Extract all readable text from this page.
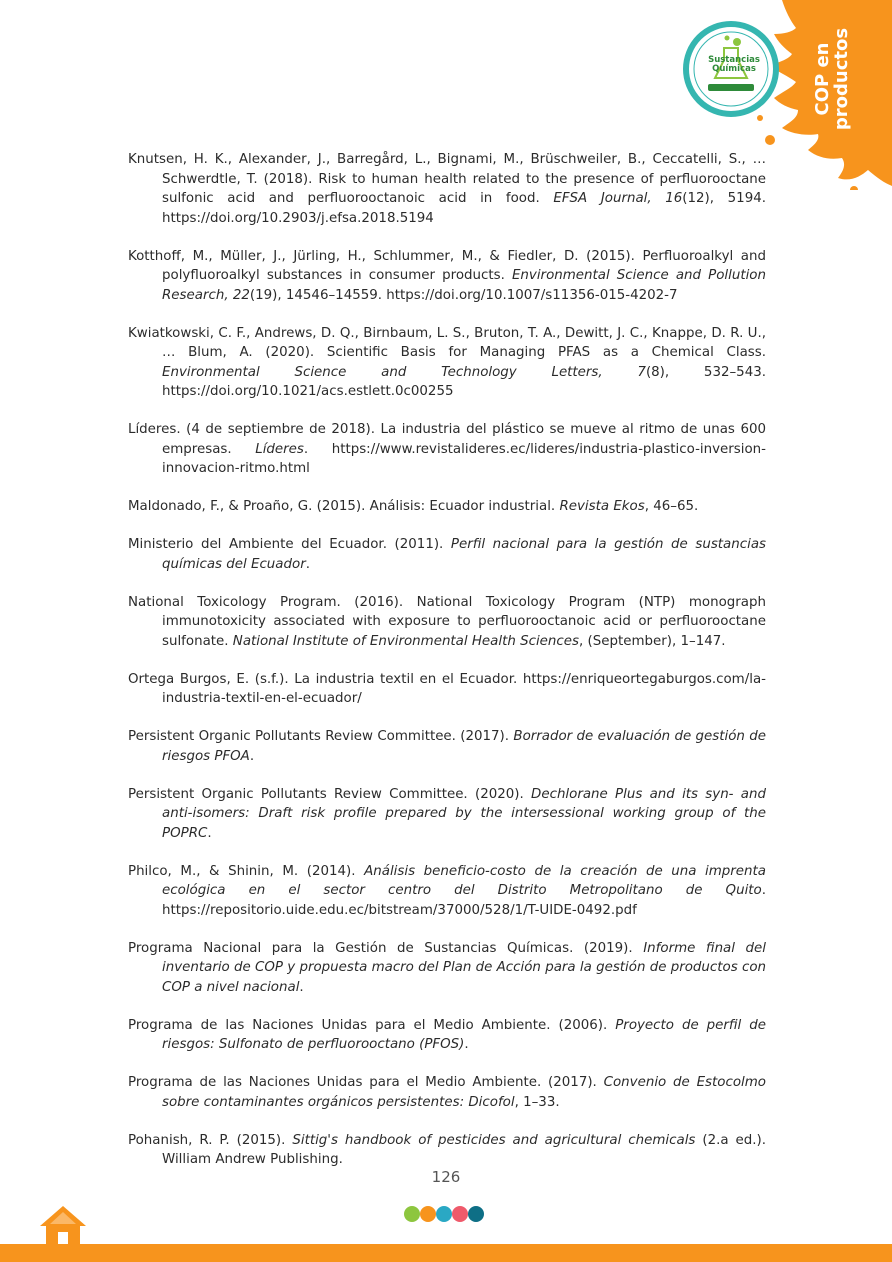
Sustancias
Químicas	COP en
productos

Knutsen, H. K., Alexander, J., Barregård, L., Bignami, M., Brüschweiler, B., Ceccatelli, S., … Schwerdtle, T. (2018). Risk to human health related to the presence of perfluorooctane sulfonic acid and perfluorooctanoic acid in food. EFSA Journal, 16(12), 5194. https://doi.org/10.2903/j.efsa.2018.5194

Kotthoff, M., Müller, J., Jürling, H., Schlummer, M., & Fiedler, D. (2015). Perfluoroalkyl and polyfluoroalkyl substances in consumer products. Environmental Science and Pollution Research, 22(19), 14546–14559. https://doi.org/10.1007/s11356-015-4202-7

Kwiatkowski, C. F., Andrews, D. Q., Birnbaum, L. S., Bruton, T. A., Dewitt, J. C., Knappe, D. R. U., … Blum, A. (2020). Scientific Basis for Managing PFAS as a Chemical Class. Environmental Science and Technology Letters, 7(8), 532–543. https://doi.org/10.1021/acs.estlett.0c00255

Líderes. (4 de septiembre de 2018). La industria del plástico se mueve al ritmo de unas 600 empresas. Líderes. https://www.revistalideres.ec/lideres/industria-plastico-inversion-innovacion-ritmo.html

Maldonado, F., & Proaño, G. (2015). Análisis: Ecuador industrial. Revista Ekos, 46–65.

Ministerio del Ambiente del Ecuador. (2011). Perfil nacional para la gestión de sustancias químicas del Ecuador.

National Toxicology Program. (2016). National Toxicology Program (NTP) monograph immunotoxicity associated with exposure to perfluorooctanoic acid or perfluorooctane sulfonate. National Institute of Environmental Health Sciences, (September), 1–147.

Ortega Burgos, E. (s.f.). La industria textil en el Ecuador. https://enriqueortegaburgos.com/la-industria-textil-en-el-ecuador/

Persistent Organic Pollutants Review Committee. (2017). Borrador de evaluación de gestión de riesgos PFOA.

Persistent Organic Pollutants Review Committee. (2020). Dechlorane Plus and its syn- and anti-isomers: Draft risk profile prepared by the intersessional working group of the POPRC.

Philco, M., & Shinin, M. (2014). Análisis beneficio-costo de la creación de una imprenta ecológica en el sector centro del Distrito Metropolitano de Quito. https://repositorio.uide.edu.ec/bitstream/37000/528/1/T-UIDE-0492.pdf

Programa Nacional para la Gestión de Sustancias Químicas. (2019). Informe final del inventario de COP y propuesta macro del Plan de Acción para la gestión de productos con COP a nivel nacional.

Programa de las Naciones Unidas para el Medio Ambiente. (2006). Proyecto de perfil de riesgos: Sulfonato de perfluorooctano (PFOS).

Programa de las Naciones Unidas para el Medio Ambiente. (2017). Convenio de Estocolmo sobre contaminantes orgánicos persistentes: Dicofol, 1–33.

Pohanish, R. P. (2015). Sittig's handbook of pesticides and agricultural chemicals (2.a ed.). William Andrew Publishing.

126
